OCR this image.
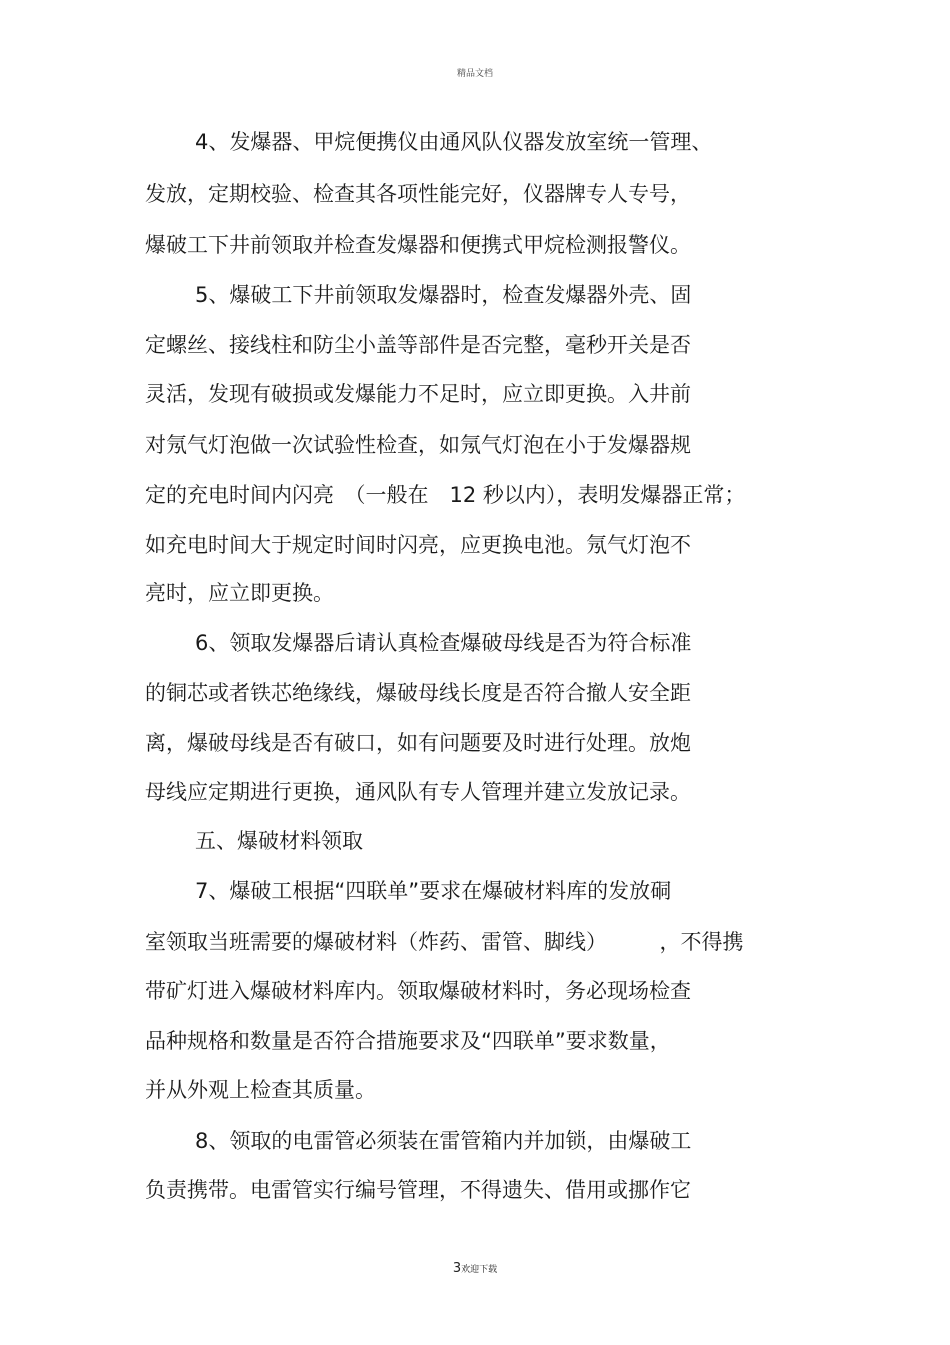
精品文档
4、发爆器、甲烷便携仪由通风队仪器发放室统一管理、
发放，定期校验、检查其各项性能完好，仪器牌专人专号，
爆破工下井前领取并检查发爆器和便携式甲烷检测报警仪。
5、爆破工下井前领取发爆器时，检查发爆器外壳、固
定螺丝、接线柱和防尘小盖等部件是否完整，毫秒开关是否
灵活，发现有破损或发爆能力不足时，应立即更换。入井前
对氖气灯泡做一次试验性检查，如氖气灯泡在小于发爆器规
定的充电时间内闪亮　（一般在　12 秒以内），表明发爆器正常；
如充电时间大于规定时间时闪亮，应更换电池。氖气灯泡不
亮时，应立即更换。
6、领取发爆器后请认真检查爆破母线是否为符合标准
的铜芯或者铁芯绝缘线，爆破母线长度是否符合撤人安全距
离，爆破母线是否有破口，如有问题要及时进行处理。放炮
母线应定期进行更换，通风队有专人管理并建立发放记录。
五、爆破材料领取
7、爆破工根据“四联单”要求在爆破材料库的发放硐
室领取当班需要的爆破材料（炸药、雷管、脚线）　　　，不得携
带矿灯进入爆破材料库内。领取爆破材料时，务必现场检查
品种规格和数量是否符合措施要求及“四联单”要求数量，
并从外观上检查其质量。
8、领取的电雷管必须装在雷管箱内并加锁，由爆破工
负责携带。电雷管实行编号管理，不得遗失、借用或挪作它
3欢迎下载
